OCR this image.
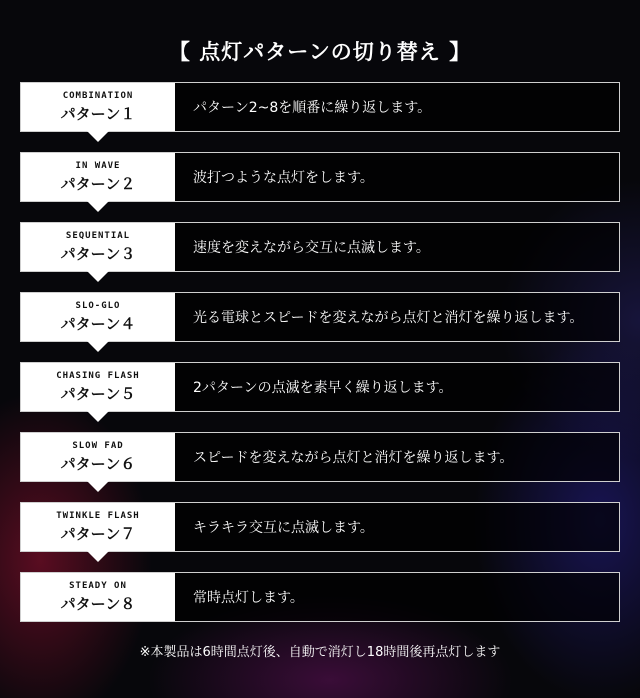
【 点灯パターンの切り替え 】
COMBINATION
パターン１	パターン2~8を順番に繰り返します。
IN WAVE
パターン２	波打つような点灯をします。
SEQUENTIAL
パターン３	速度を変えながら交互に点滅します。
SLO-GLO
パターン４	光る電球とスピードを変えながら点灯と消灯を繰り返します。
CHASING FLASH
パターン５	2パターンの点滅を素早く繰り返します。
SLOW FAD
パターン６	スピードを変えながら点灯と消灯を繰り返します。
TWINKLE FLASH
パターン７	キラキラ交互に点滅します。
STEADY ON
パターン８	常時点灯します。
※本製品は6時間点灯後、自動で消灯し18時間後再点灯します
